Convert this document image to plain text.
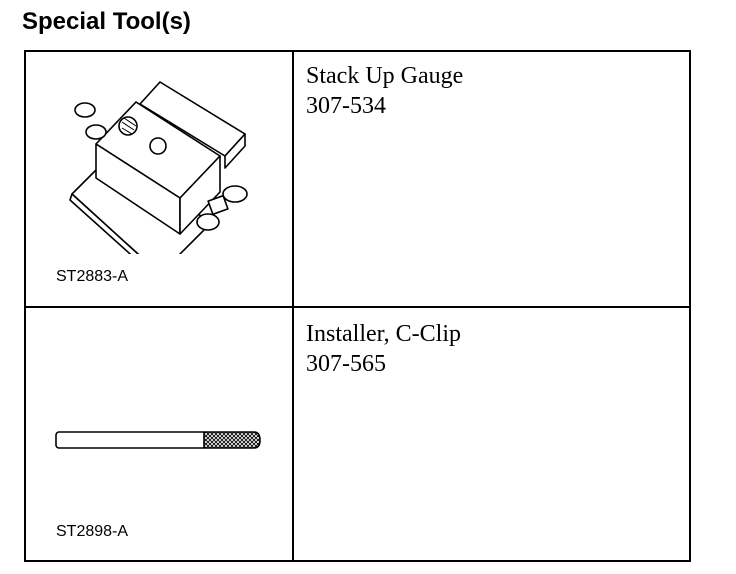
Special Tool(s)
ST2883-A
Stack Up Gauge
307-534
ST2898-A
Installer, C-Clip
307-565
